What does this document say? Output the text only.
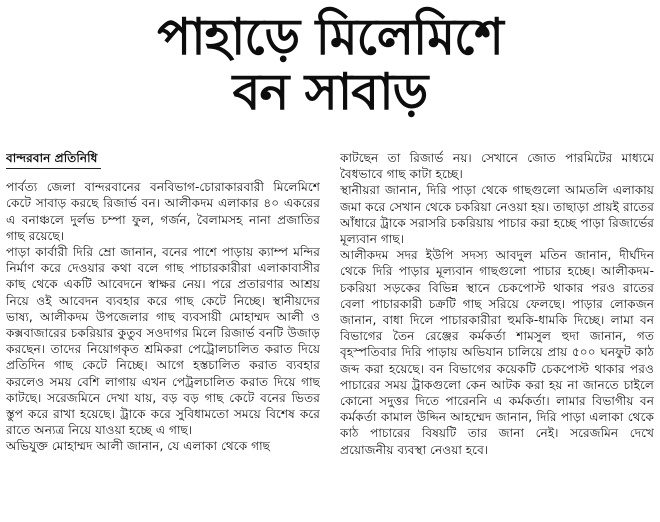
পাহাড়ে মিলেমিশে
বন সাবাড়
বান্দরবান প্রতিনিধি

পার্বত্য জেলা বান্দরবানের বনবিভাগ-চোরাকারবারী মিলেমিশে কেটে সাবাড় করছে রিজার্ভ বন। আলীকদম এলাকার ৪০ একরের এ বনাঞ্চলে দুর্লভ চম্পা ফুল, গর্জন, বৈলামসহ নানা প্রজাতির গাছ রয়েছে।

পাড়া কার্বারী দিরি ম্রো জানান, বনের পাশে পাড়ায় ক্যাম্প মন্দির নির্মাণ করে দেওয়ার কথা বলে গাছ পাচারকারীরা এলাকাবাসীর কাছ থেকে একটি আবেদনে স্বাক্ষর নেয়। পরে প্রতারণার আশ্রয় নিয়ে ওই আবেদন ব্যবহার করে গাছ কেটে নিচ্ছে। স্থানীয়দের ভাষ্য, আলীকদম উপজেলার গাছ ব্যবসায়ী মোহাম্মদ আলী ও কক্সবাজারের চকরিয়ার কুতুব সওদাগর মিলে রিজার্ভ বনটি উজাড় করছেন। তাদের নিয়োগকৃত শ্রমিকরা পেট্রোলচালিত করাত দিয়ে প্রতিদিন গাছ কেটে নিচ্ছে। আগে হস্তচালিত করাত ব্যবহার করলেও সময় বেশি লাগায় এখন পেট্রলচালিত করাত দিয়ে গাছ কাটছে। সরেজমিনে দেখা যায়, বড় বড় গাছ কেটে বনের ভিতর স্তুপ করে রাখা হয়েছে। ট্রাকে করে সুবিধামতো সময়ে বিশেষ করে রাতে অন্যত্র নিয়ে যাওয়া হচ্ছে এ গাছ।

অভিযুক্ত মোহাম্মদ আলী জানান, যে এলাকা থেকে গাছ

কাটছেন তা রিজার্ভ নয়। সেখানে জোত পারমিটের মাধ্যমে বৈধভাবে গাছ কাটা হচ্ছে।

স্থানীয়রা জানান, দিরি পাড়া থেকে গাছগুলো আমতলি এলাকায় জমা করে সেখান থেকে চকরিয়া নেওয়া হয়। তাছাড়া প্রায়ই রাতের আঁধারে ট্রাকে সরাসরি চকরিয়ায় পাচার করা হচ্ছে পাড়া রিজার্ভের মূল্যবান গাছ।

আলীকদম সদর ইউপি সদস্য আবদুল মতিন জানান, দীর্ঘদিন থেকে দিরি পাড়ার মূল্যবান গাছগুলো পাচার হচ্ছে। আলীকদম-চকরিয়া সড়কের বিভিন্ন স্থানে চেকপোস্ট থাকার পরও রাতের বেলা পাচারকারী চক্রটি গাছ সরিয়ে ফেলছে। পাড়ার লোকজন জানান, বাধা দিলে পাচারকারীরা হুমকি-ধামকি দিচ্ছে। লামা বন বিভাগের তৈন রেঞ্জের কর্মকর্তা শামসুল হুদা জানান, গত বৃহস্পতিবার দিরি পাড়ায় অভিযান চালিয়ে প্রায় ৫০০ ঘনফুট কাঠ জব্দ করা হয়েছে। বন বিভাগের কয়েকটি চেকপোস্ট থাকার পরও পাচারের সময় ট্রাকগুলো কেন আটক করা হয় না জানতে চাইলে কোনো সদুত্তর দিতে পারেননি এ কর্মকর্তা। লামার বিভাগীয় বন কর্মকর্তা কামাল উদ্দিন আহম্মেদ জানান, দিরি পাড়া এলাকা থেকে কাঠ পাচারের বিষয়টি তার জানা নেই। সরেজমিন দেখে প্রয়োজনীয় ব্যবস্থা নেওয়া হবে।
